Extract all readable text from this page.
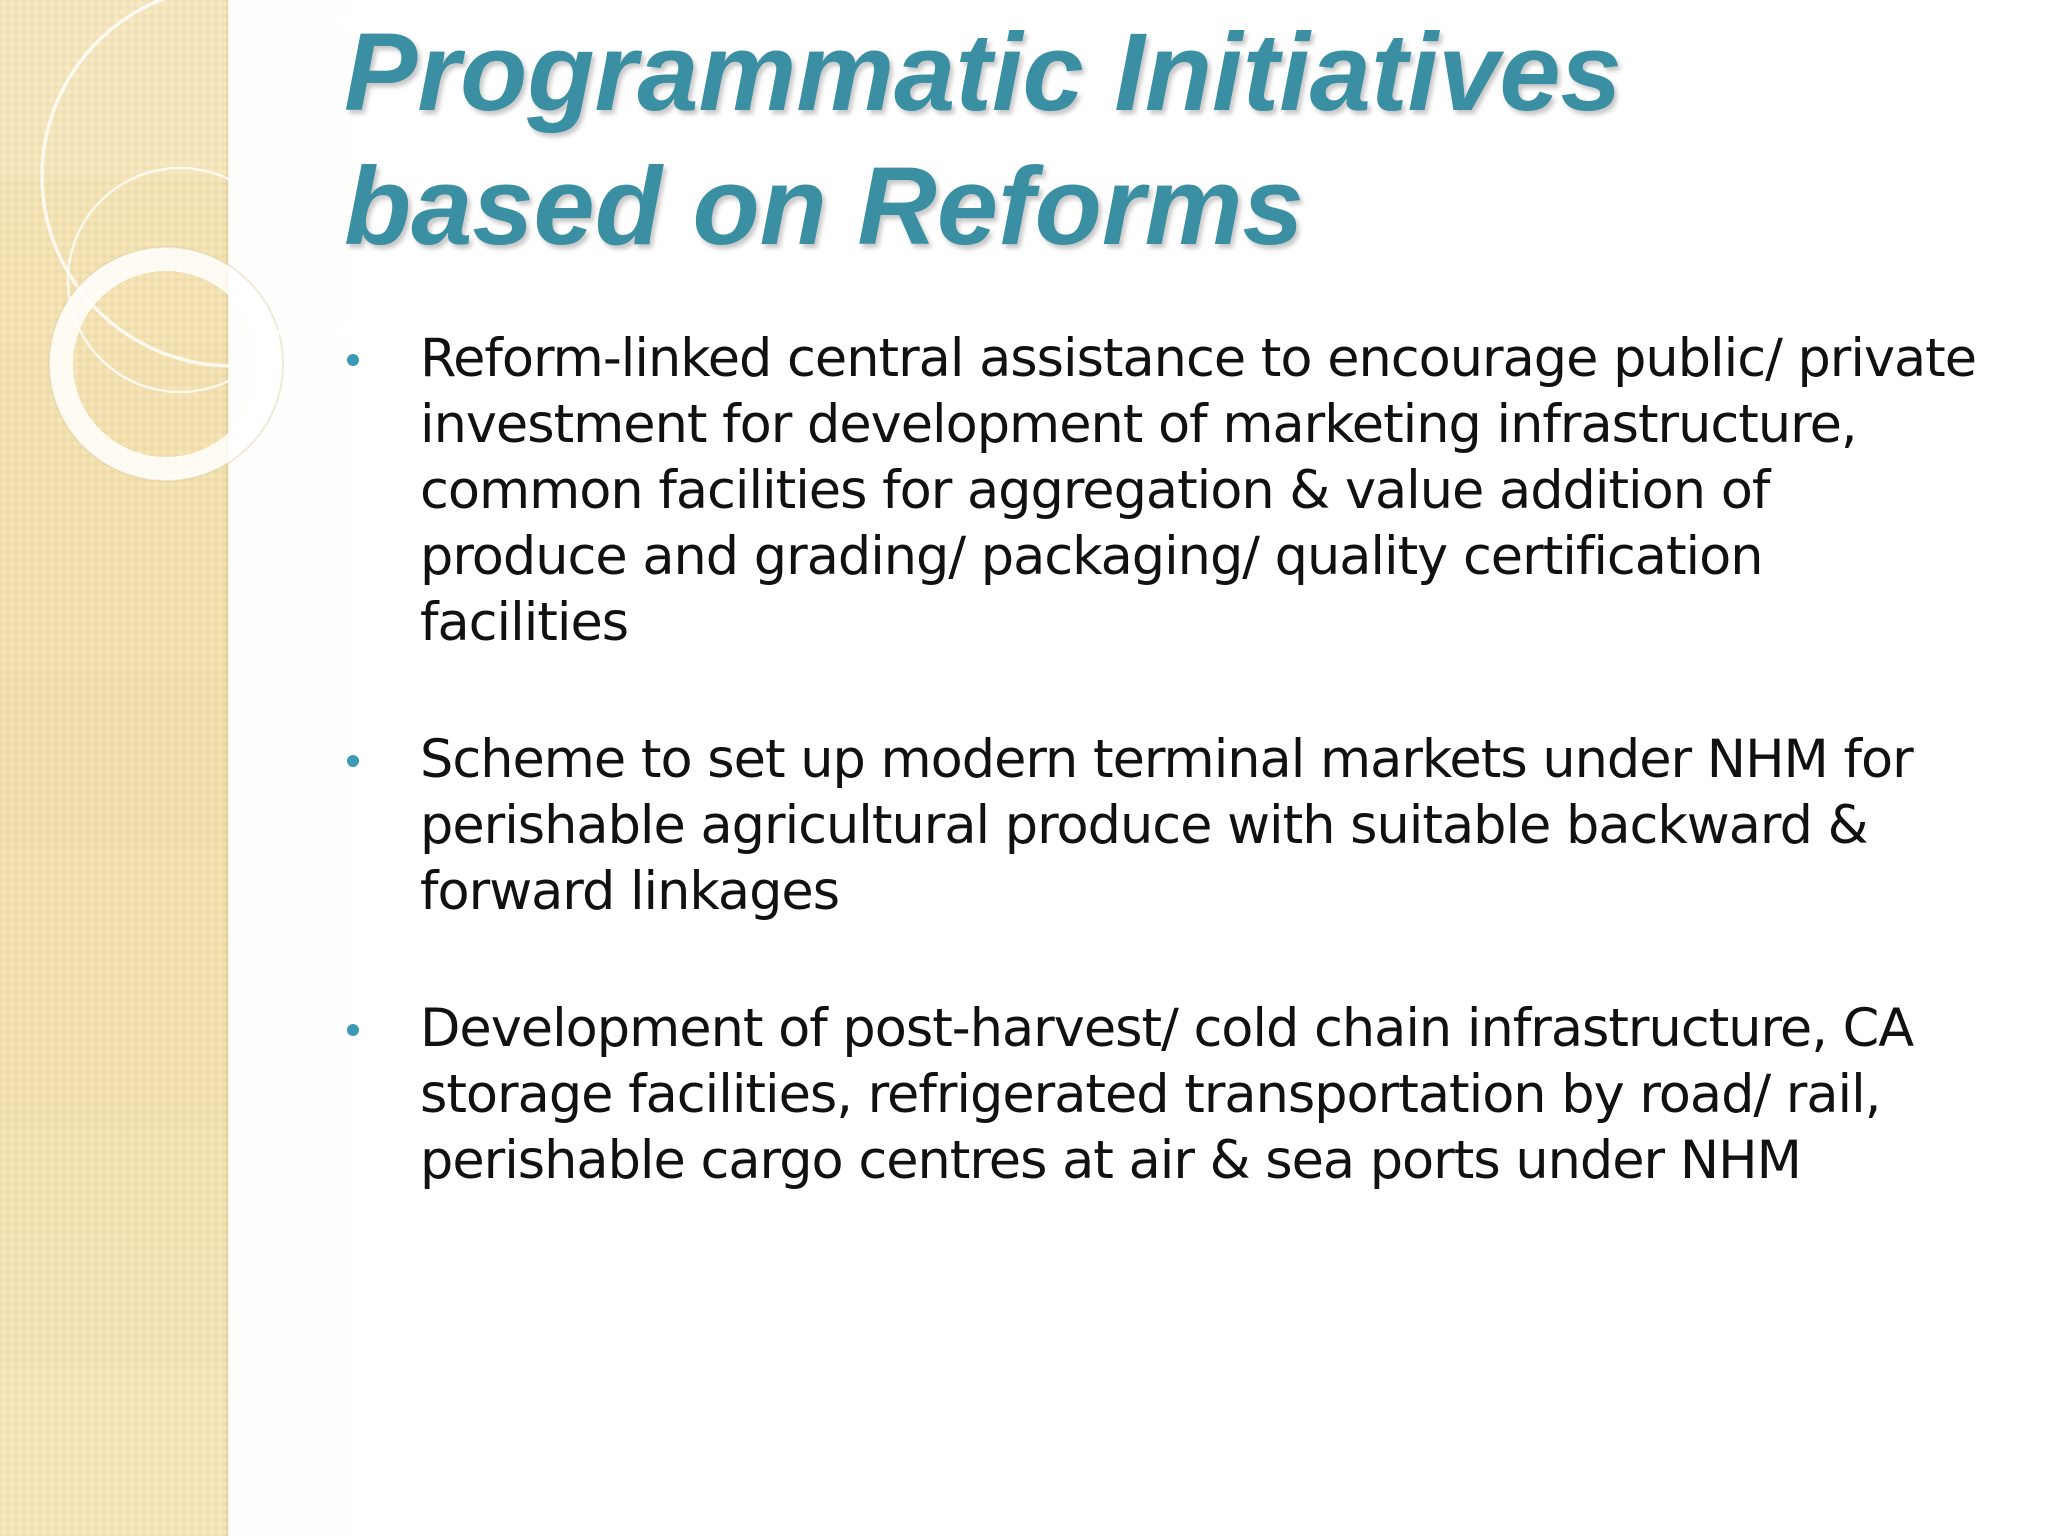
Programmatic Initiatives
based on Reforms
Reform-linked central assistance to encourage public/ private investment for development of marketing infrastructure, common facilities for aggregation & value addition of produce and grading/ packaging/ quality certification facilities
Scheme to set up modern terminal markets under NHM for perishable agricultural produce with suitable backward & forward linkages
Development of post-harvest/ cold chain infrastructure, CA storage facilities, refrigerated transportation by road/ rail, perishable cargo centres at air & sea ports under NHM
